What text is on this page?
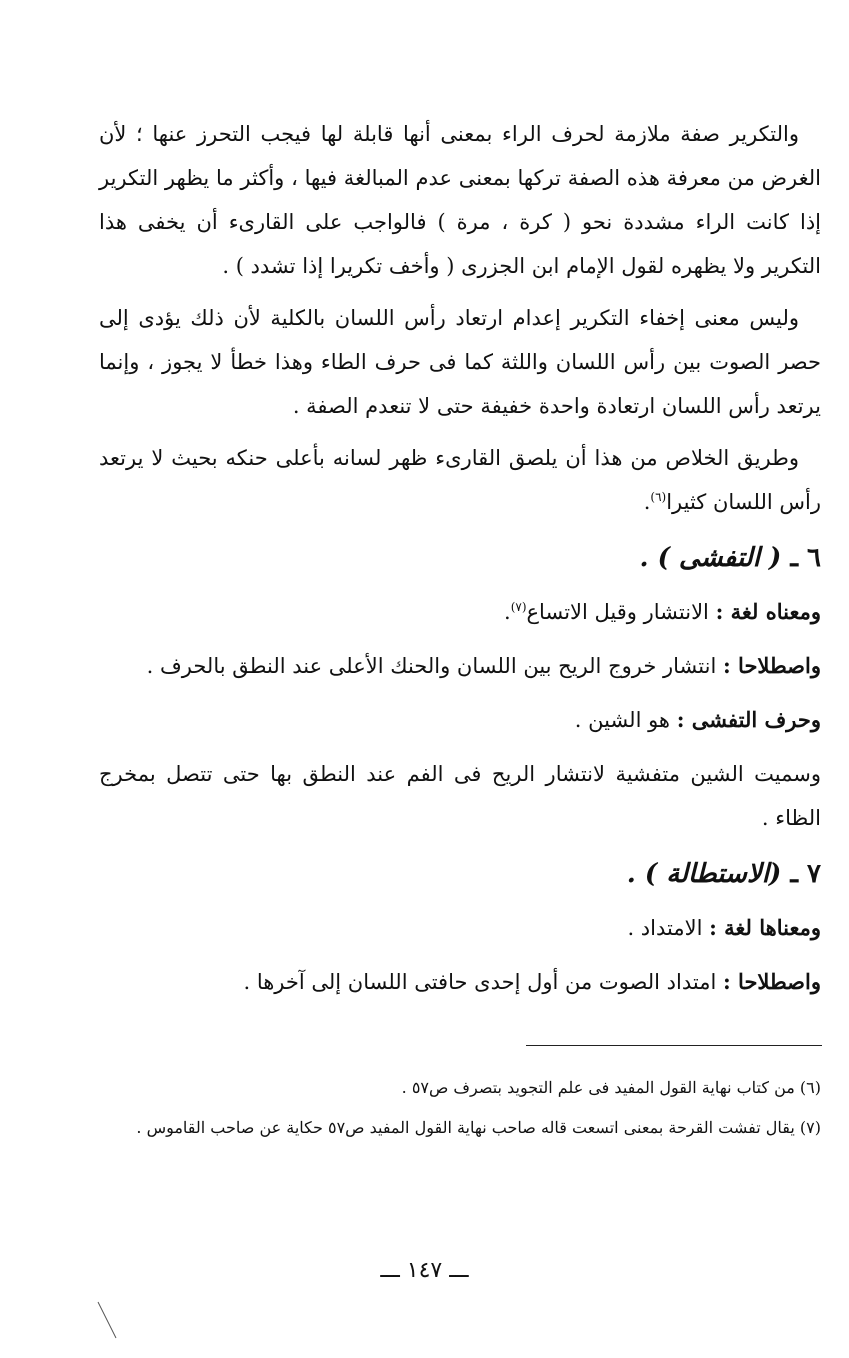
والتكرير صفة ملازمة لحرف الراء بمعنى أنها قابلة لها فيجب التحرز عنها ؛ لأن الغرض من معرفة هذه الصفة تركها بمعنى عدم المبالغة فيها ، وأكثر ما يظهر التكرير إذا كانت الراء مشددة نحو ( كرة ، مرة ) فالواجب على القارىء أن يخفى هذا التكرير ولا يظهره لقول الإمام ابن الجزرى ( وأخف تكريرا إذا تشدد ) .

وليس معنى إخفاء التكرير إعدام ارتعاد رأس اللسان بالكلية لأن ذلك يؤدى إلى حصر الصوت بين رأس اللسان واللثة كما فى حرف الطاء وهذا خطأ لا يجوز ، وإنما يرتعد رأس اللسان ارتعادة واحدة خفيفة حتى لا تنعدم الصفة .

وطريق الخلاص من هذا أن يلصق القارىء ظهر لسانه بأعلى حنكه بحيث لا يرتعد رأس اللسان كثيرا$^{(٦)}$.

٦ ـ ( التفشى ) .

ومعناه لغة : الانتشار وقيل الاتساع$^{(٧)}$.

واصطلاحا : انتشار خروج الريح بين اللسان والحنك الأعلى عند النطق بالحرف .

وحرف التفشى : هو الشين .

وسميت الشين متفشية لانتشار الريح فى الفم عند النطق بها حتى تتصل بمخرج الظاء .

٧ ـ (الاستطالة ) .

ومعناها لغة : الامتداد .

واصطلاحا : امتداد الصوت من أول إحدى حافتى اللسان إلى آخرها .

(٦) من كتاب نهاية القول المفيد فى علم التجويد بتصرف ص٥٧ .

(٧) يقال تفشت القرحة بمعنى اتسعت قاله صاحب نهاية القول المفيد ص٥٧ حكاية عن صاحب القاموس .

ـــ ١٤٧ ـــ
